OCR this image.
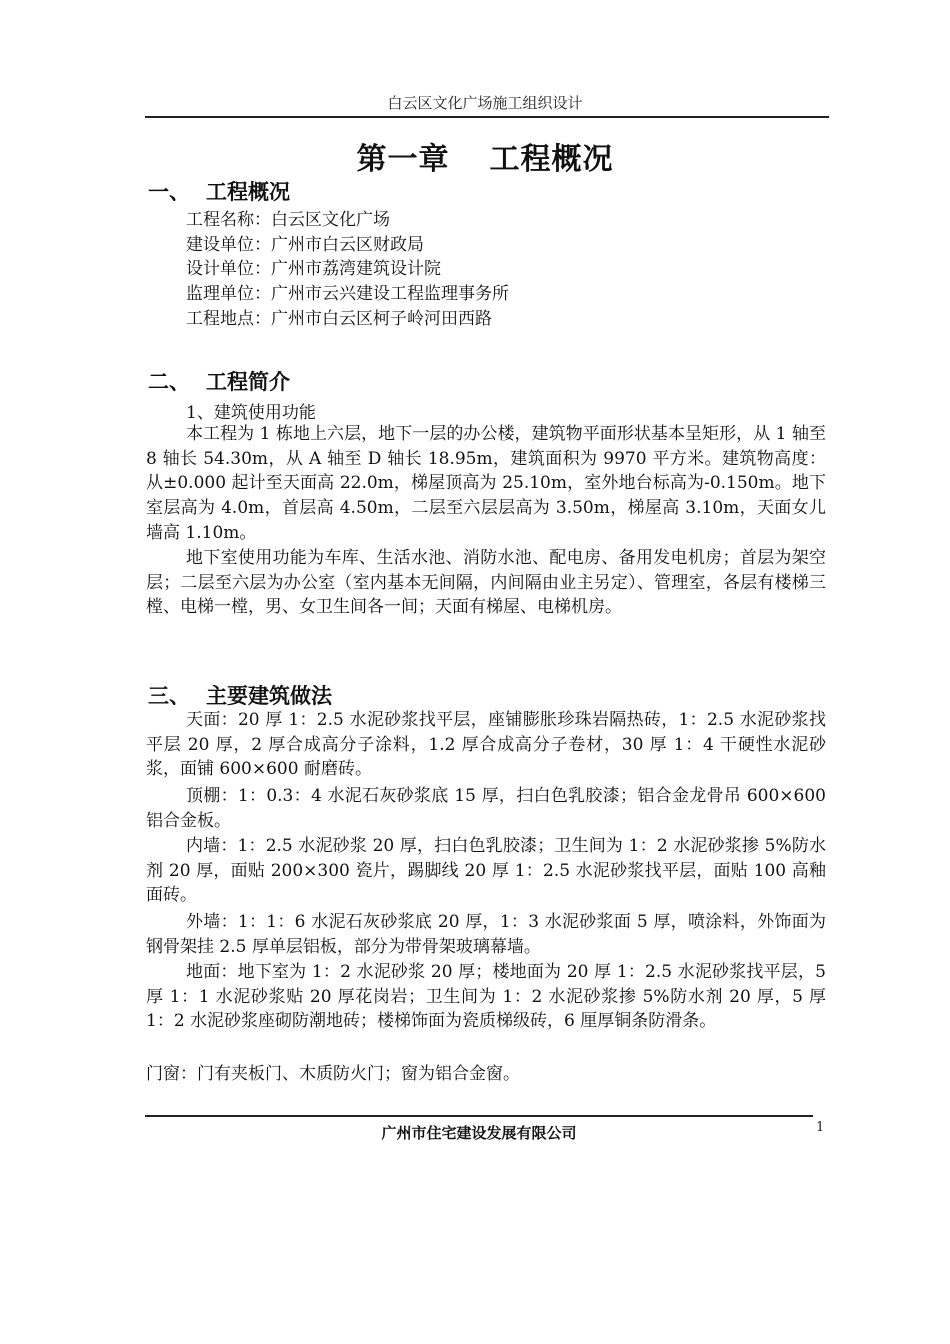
白云区文化广场施工组织设计
第一章 工程概况
一、 工程概况
工程名称：白云区文化广场
建设单位：广州市白云区财政局
设计单位：广州市荔湾建筑设计院
监理单位：广州市云兴建设工程监理事务所
工程地点：广州市白云区柯子岭河田西路
二、 工程简介
1、建筑使用功能

本工程为 1 栋地上六层，地下一层的办公楼，建筑物平面形状基本呈矩形，从 1 轴至 8 轴长 54.30m，从 A 轴至 D 轴长 18.95m，建筑面积为 9970 平方米。建筑物高度：从±0.000 起计至天面高 22.0m，梯屋顶高为 25.10m，室外地台标高为-0.150m。地下室层高为 4.0m，首层高 4.50m，二层至六层层高为 3.50m，梯屋高 3.10m，天面女儿墙高 1.10m。

地下室使用功能为车库、生活水池、消防水池、配电房、备用发电机房；首层为架空层；二层至六层为办公室（室内基本无间隔，内间隔由业主另定）、管理室，各层有楼梯三樘、电梯一樘，男、女卫生间各一间；天面有梯屋、电梯机房。

三、 主要建筑做法

天面：20 厚 1：2.5 水泥砂浆找平层，座铺膨胀珍珠岩隔热砖，1：2.5 水泥砂浆找平层 20 厚，2 厚合成高分子涂料，1.2 厚合成高分子卷材，30 厚 1：4 干硬性水泥砂浆，面铺 600×600 耐磨砖。

顶棚：1：0.3：4 水泥石灰砂浆底 15 厚，扫白色乳胶漆；铝合金龙骨吊 600×600 铝合金板。

内墙：1：2.5 水泥砂浆 20 厚，扫白色乳胶漆；卫生间为 1：2 水泥砂浆掺 5%防水剂 20 厚，面贴 200×300 瓷片，踢脚线 20 厚 1：2.5 水泥砂浆找平层，面贴 100 高釉面砖。

外墙：1：1：6 水泥石灰砂浆底 20 厚，1：3 水泥砂浆面 5 厚，喷涂料，外饰面为钢骨架挂 2.5 厚单层铝板，部分为带骨架玻璃幕墙。

地面：地下室为 1：2 水泥砂浆 20 厚；楼地面为 20 厚 1：2.5 水泥砂浆找平层，5 厚 1：1 水泥砂浆贴 20 厚花岗岩；卫生间为 1：2 水泥砂浆掺 5%防水剂 20 厚，5 厚 1：2 水泥砂浆座砌防潮地砖；楼梯饰面为瓷质梯级砖，6 厘厚铜条防滑条。

门窗：门有夹板门、木质防火门；窗为铝合金窗。

广州市住宅建设发展有限公司	1
